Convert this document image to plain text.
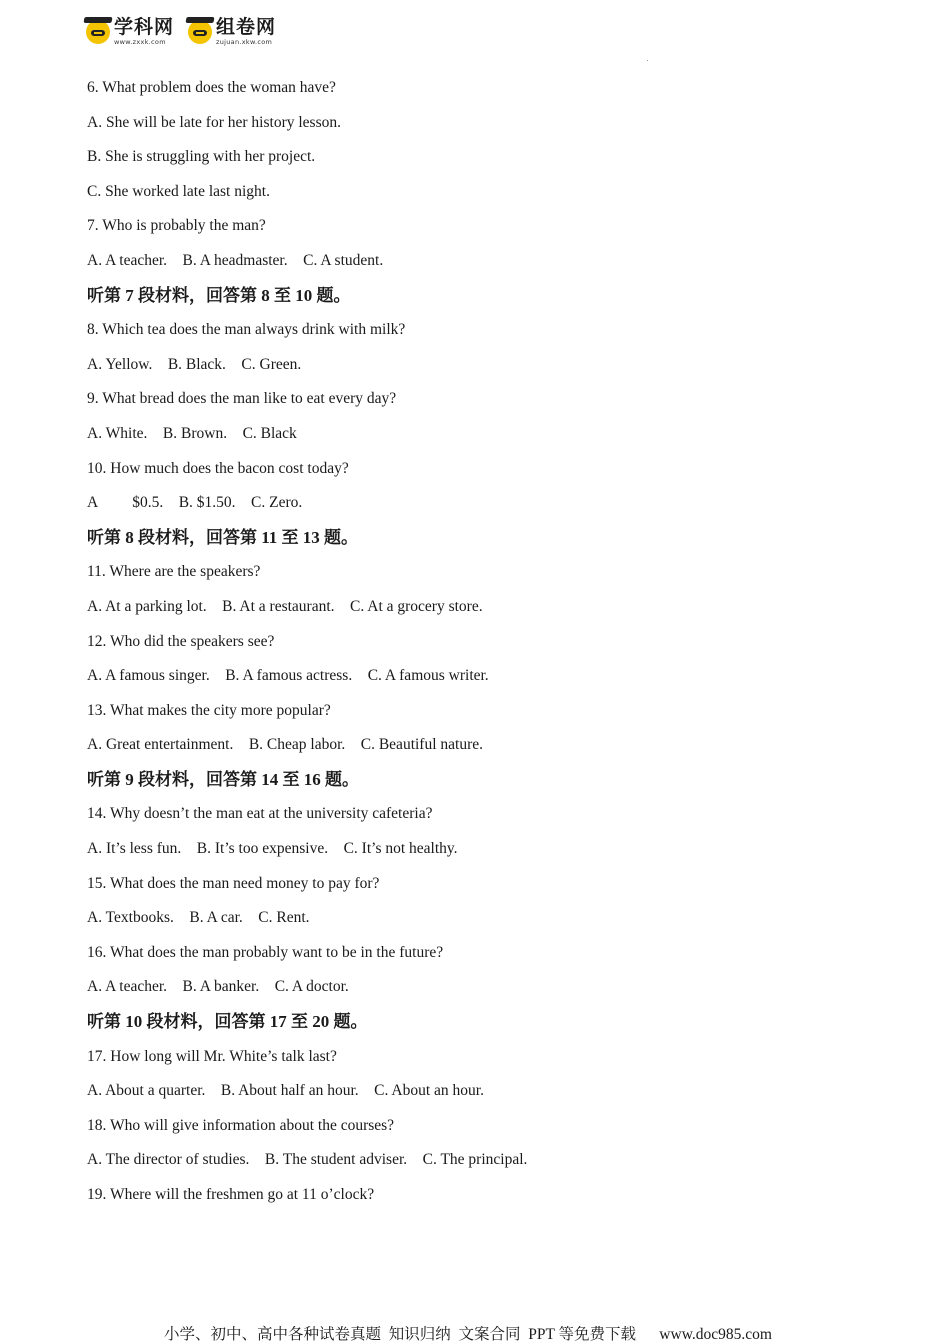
学科网
www.zxxk.com
组卷网
zujuan.xkw.com
6. What problem does the woman have?
A. She will be late for her history lesson.
B. She is struggling with her project.
C. She worked late last night.
7. Who is probably the man?
A. A teacher.    B. A headmaster.    C. A student.
听第 7 段材料，回答第 8 至 10 题。
8. Which tea does the man always drink with milk?
A. Yellow.    B. Black.    C. Green.
9. What bread does the man like to eat every day?
A. White.    B. Brown.    C. Black
10. How much does the bacon cost today?
A         $0.5.    B. $1.50.    C. Zero.
听第 8 段材料，回答第 11 至 13 题。
11. Where are the speakers?
A. At a parking lot.    B. At a restaurant.    C. At a grocery store.
12. Who did the speakers see?
A. A famous singer.    B. A famous actress.    C. A famous writer.
13. What makes the city more popular?
A. Great entertainment.    B. Cheap labor.    C. Beautiful nature.
听第 9 段材料，回答第 14 至 16 题。
14. Why doesn’t the man eat at the university cafeteria?
A. It’s less fun.    B. It’s too expensive.    C. It’s not healthy.
15. What does the man need money to pay for?
A. Textbooks.    B. A car.    C. Rent.
16. What does the man probably want to be in the future?
A. A teacher.    B. A banker.    C. A doctor.
听第 10 段材料，回答第 17 至 20 题。
17. How long will Mr. White’s talk last?
A. About a quarter.    B. About half an hour.    C. About an hour.
18. Who will give information about the courses?
A. The director of studies.    B. The student adviser.    C. The principal.
19. Where will the freshmen go at 11 o’clock?
小学、初中、高中各种试卷真题  知识归纳  文案合同  PPT 等免费下载      www.doc985.com
